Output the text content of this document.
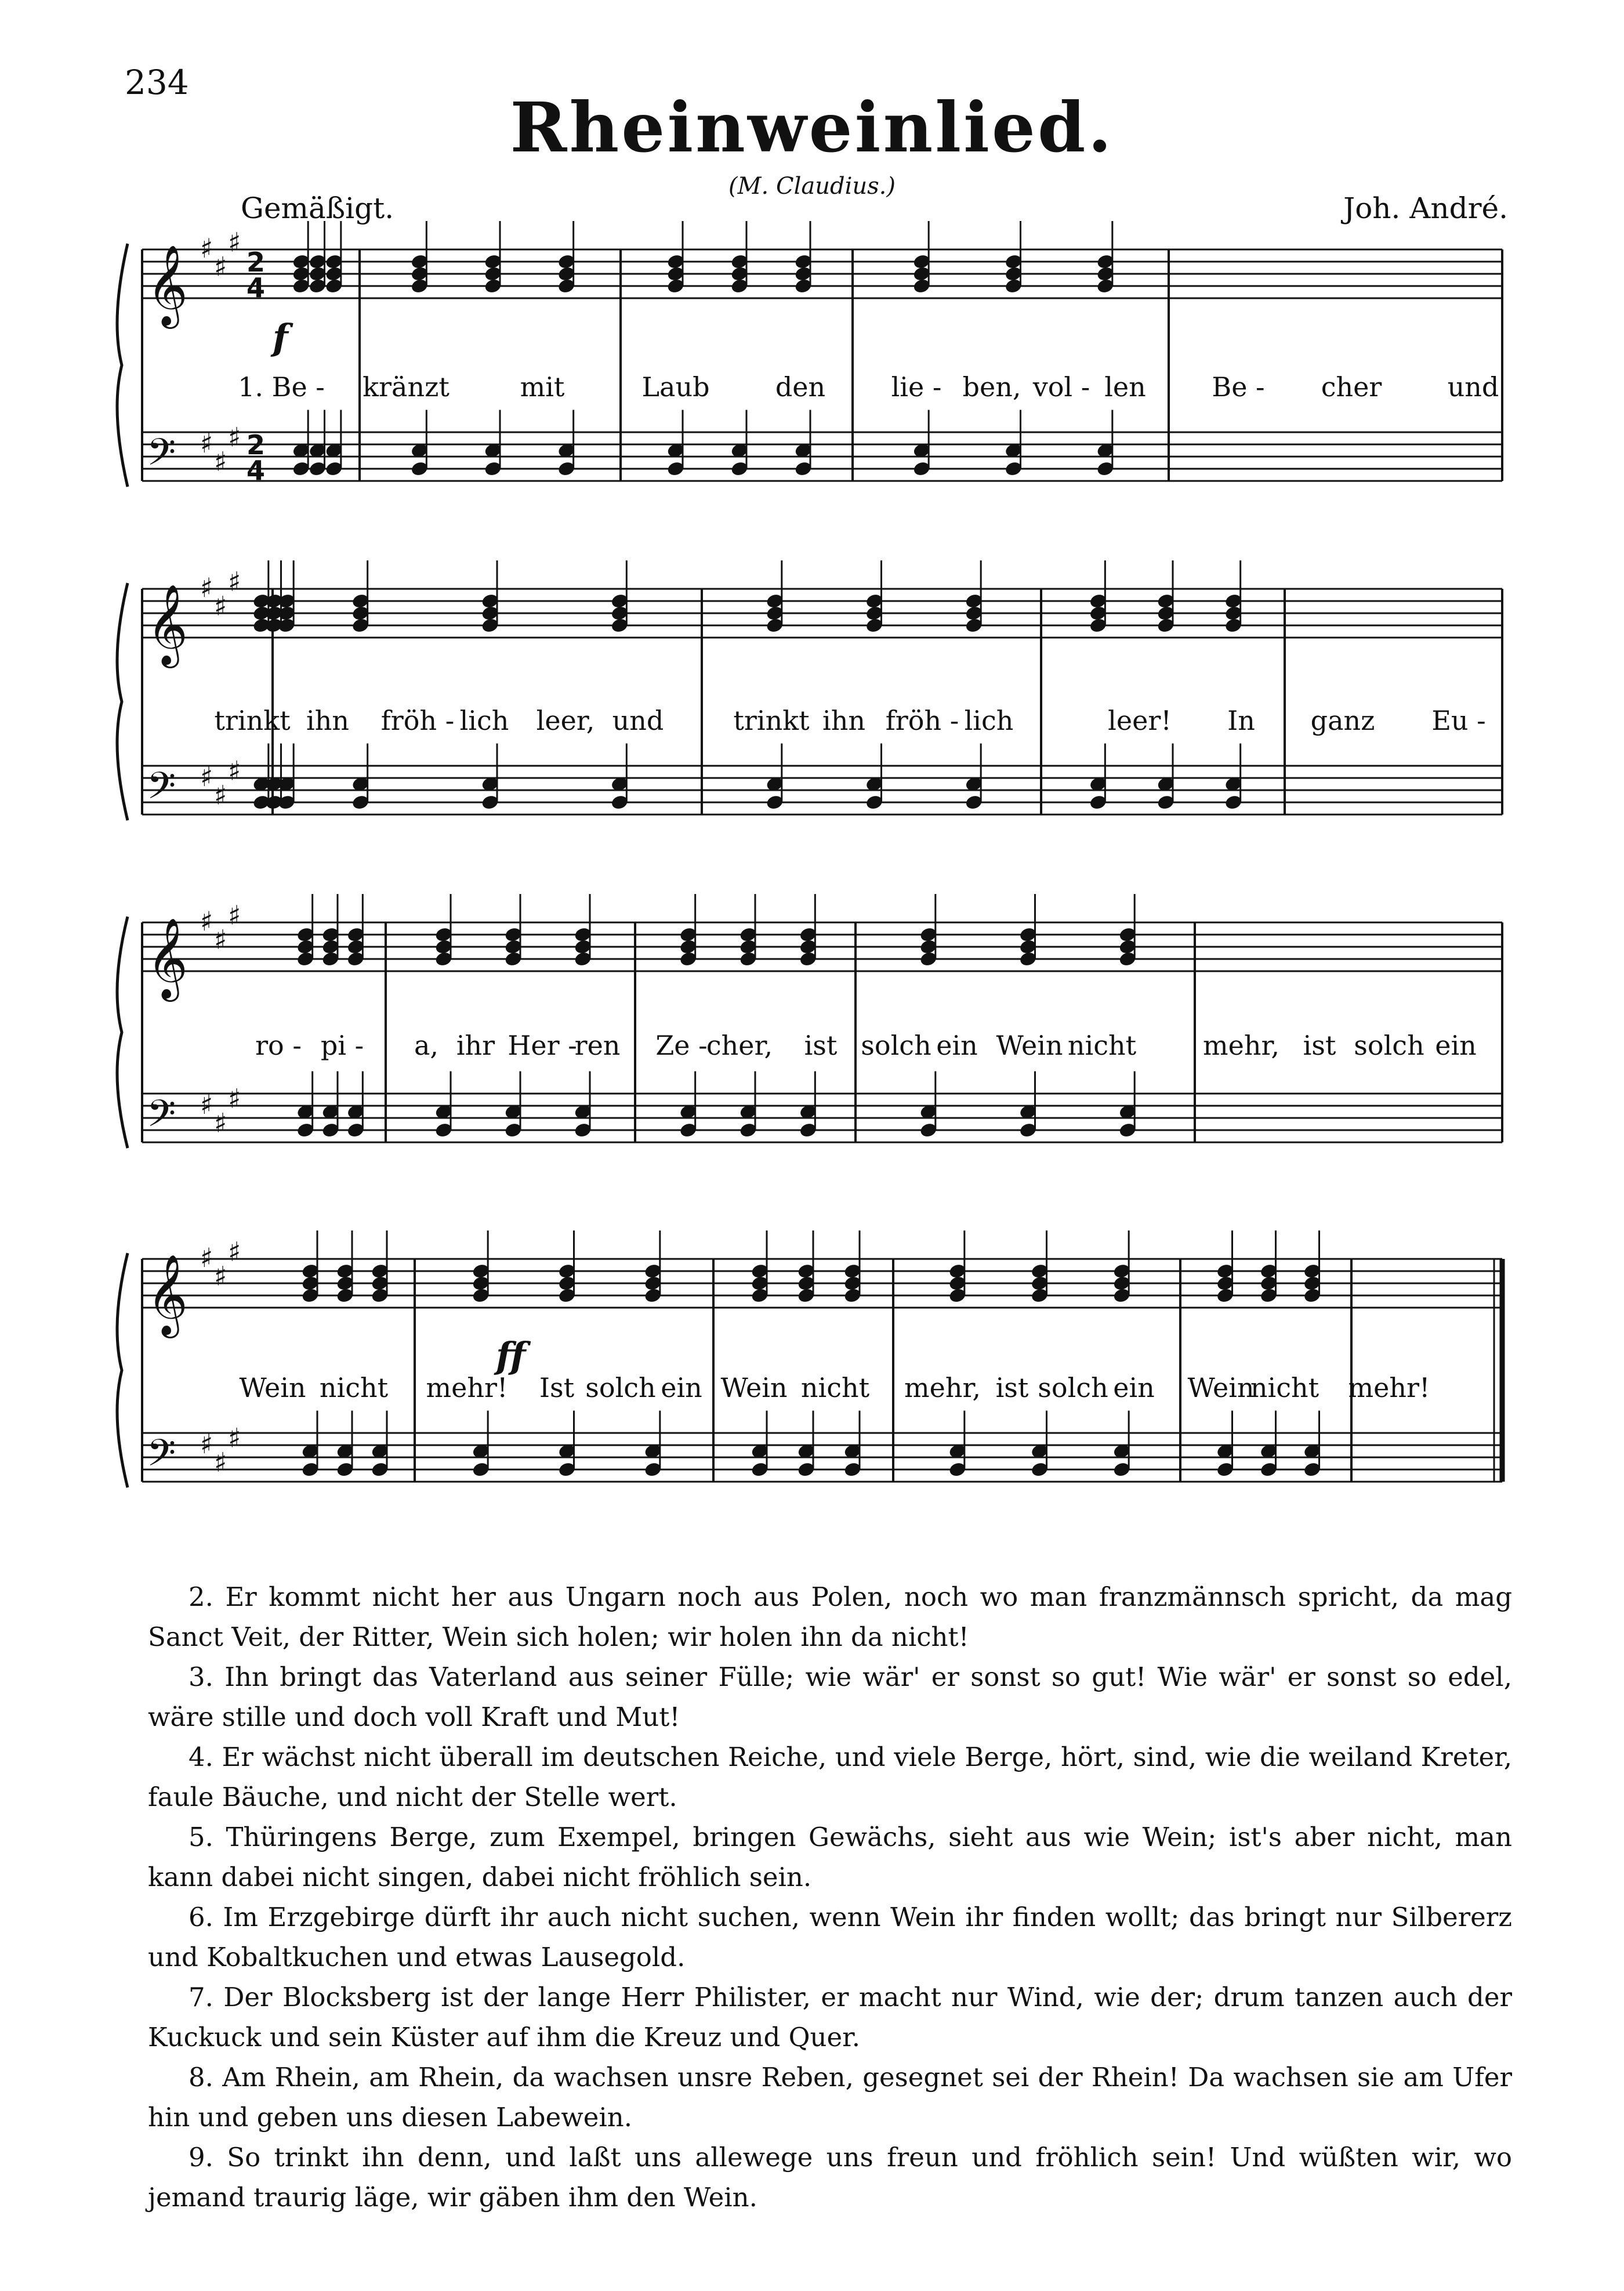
234
Rheinweinlied.
(M. Claudius.)
Gemäßigt.	Joh. André.
𝄞
𝄢
♯
♯
♯
♯
♯
♯
2
4
2
4
𝄞
𝄢
♯
♯
♯
♯
♯
♯
𝄞
𝄢
♯
♯
♯
♯
♯
♯
𝄞
𝄢
♯
♯
♯
♯
♯
♯
f
ff
1. Be - kränzt	mit	Laub den lie - ben, vol - len Be - cher und
trinkt ihn fröh - lich leer, und	trinkt ihn fröh - lich	leer! In ganz Eu -
ro - pi - a, ihr Her -
ren Ze -
cher, ist solch ein Wein nicht mehr, ist solch ein
Wein nicht mehr! Ist solch ein Wein nicht mehr, ist solch ein Wein
nicht mehr!

2. Er kommt nicht her aus Ungarn noch aus Polen, noch wo man franzmännsch spricht, da mag Sanct Veit, der Ritter, Wein sich holen; wir holen ihn da nicht!

3. Ihn bringt das Vaterland aus seiner Fülle; wie wär' er sonst so gut! Wie wär' er sonst so edel, wäre stille und doch voll Kraft und Mut!

4. Er wächst nicht überall im deutschen Reiche, und viele Berge, hört, sind, wie die weiland Kreter, faule Bäuche, und nicht der Stelle wert.

5. Thüringens Berge, zum Exempel, bringen Gewächs, sieht aus wie Wein; ist's aber nicht, man kann dabei nicht singen, dabei nicht fröhlich sein.

6. Im Erzgebirge dürft ihr auch nicht suchen, wenn Wein ihr finden wollt; das bringt nur Silbererz und Kobaltkuchen und etwas Lausegold.

7. Der Blocksberg ist der lange Herr Philister, er macht nur Wind, wie der; drum tanzen auch der Kuckuck und sein Küster auf ihm die Kreuz und Quer.

8. Am Rhein, am Rhein, da wachsen unsre Reben, gesegnet sei der Rhein! Da wachsen sie am Ufer hin und geben uns diesen Labewein.

9. So trinkt ihn denn, und laßt uns allewege uns freun und fröhlich sein! Und wüßten wir, wo jemand traurig läge, wir gäben ihm den Wein.
